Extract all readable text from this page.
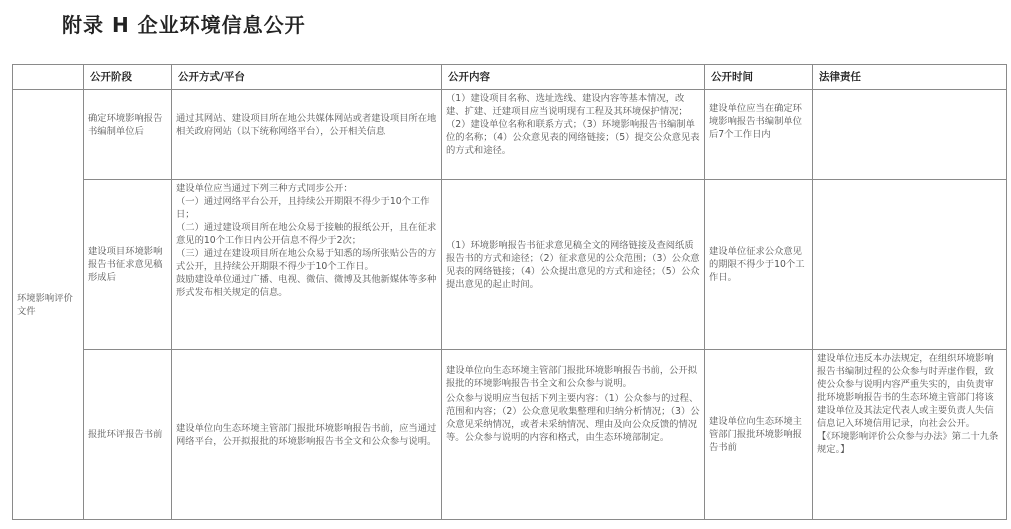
附录 H 企业环境信息公开
	公开阶段	公开方式/平台	公开内容	公开时间	法律责任
环境影响评价文件	确定环境影响报告书编制单位后	通过其网站、建设项目所在地公共媒体网站或者建设项目所在地相关政府网站（以下统称网络平台），公开相关信息	（1）建设项目名称、选址选线、建设内容等基本情况，改建、扩建、迁建项目应当说明现有工程及其环境保护情况；（2）建设单位名称和联系方式；（3）环境影响报告书编制单位的名称；（4）公众意见表的网络链接；（5）提交公众意见表的方式和途径。	建设单位应当在确定环境影响报告书编制单位后7个工作日内	
	建设项目环境影响报告书征求意见稿形成后	建设单位应当通过下列三种方式同步公开：
（一）通过网络平台公开，且持续公开期限不得少于10个工作日；
（二）通过建设项目所在地公众易于接触的报纸公开，且在征求意见的10个工作日内公开信息不得少于2次；
（三）通过在建设项目所在地公众易于知悉的场所张贴公告的方式公开，且持续公开期限不得少于10个工作日。
鼓励建设单位通过广播、电视、微信、微博及其他新媒体等多种形式发布相关规定的信息。	（1）环境影响报告书征求意见稿全文的网络链接及查阅纸质报告书的方式和途径；（2）征求意见的公众范围；（3）公众意见表的网络链接；（4）公众提出意见的方式和途径；（5）公众提出意见的起止时间。	建设单位征求公众意见的期限不得少于10个工作日。	
	报批环评报告书前	建设单位向生态环境主管部门报批环境影响报告书前，应当通过网络平台，公开拟报批的环境影响报告书全文和公众参与说明。	建设单位向生态环境主管部门报批环境影响报告书前，公开拟报批的环境影响报告书全文和公众参与说明。
公众参与说明应当包括下列主要内容：（1）公众参与的过程、范围和内容；（2）公众意见收集整理和归纳分析情况；（3）公众意见采纳情况，或者未采纳情况、理由及向公众反馈的情况等。公众参与说明的内容和格式，由生态环境部制定。	建设单位向生态环境主管部门报批环境影响报告书前	建设单位违反本办法规定，在组织环境影响报告书编制过程的公众参与时弄虚作假，致使公众参与说明内容严重失实的，由负责审批环境影响报告书的生态环境主管部门将该建设单位及其法定代表人或主要负责人失信信息记入环境信用记录，向社会公开。
【《环境影响评价公众参与办法》第二十九条规定。】
